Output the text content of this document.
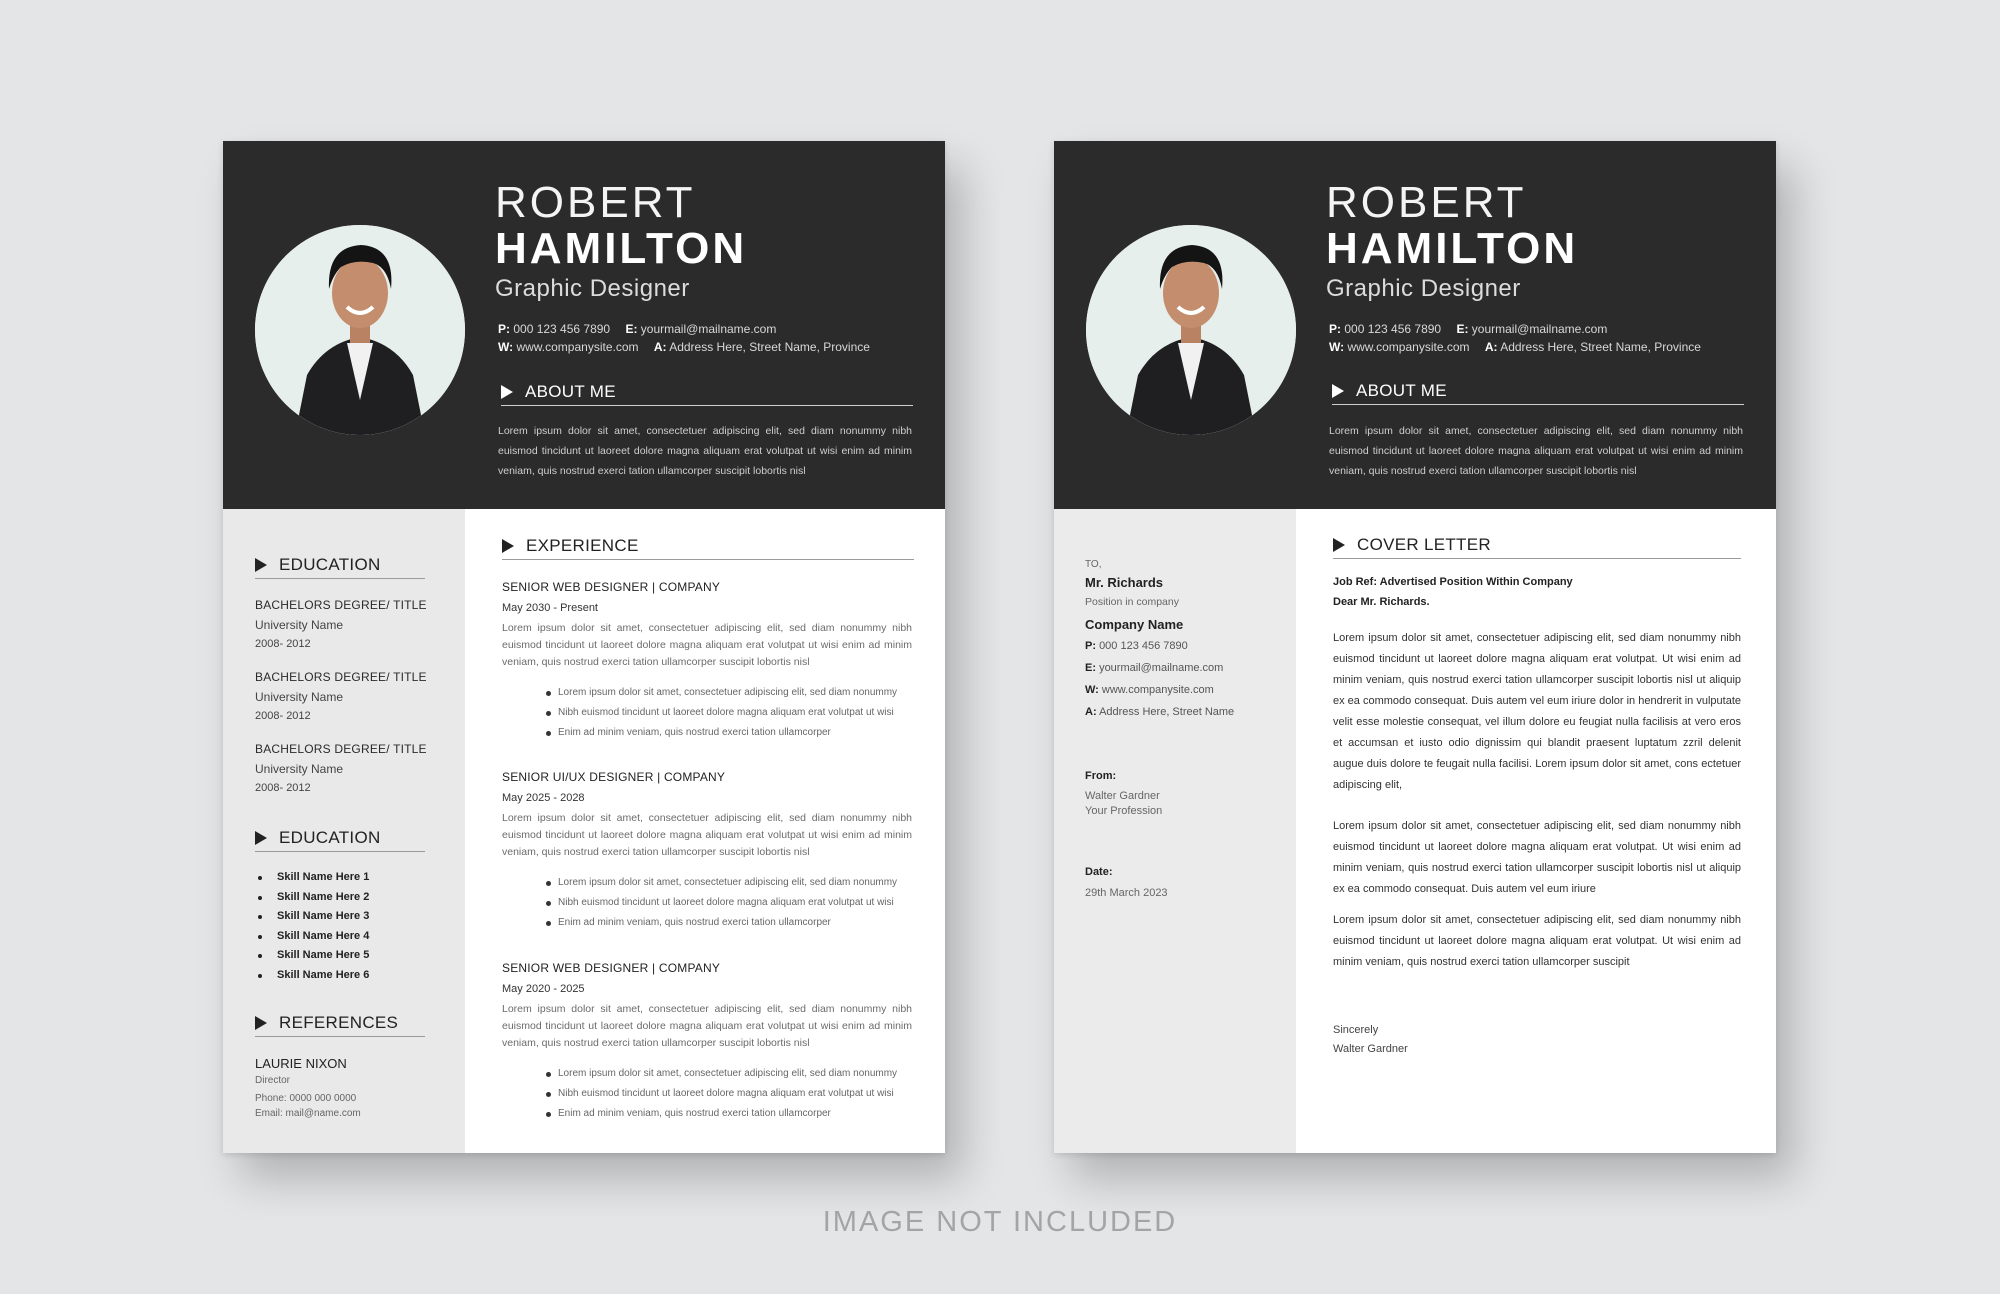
ROBERT
HAMILTON
Graphic Designer
P: 000 123 456 7890 E: yourmail@mailname.com
W: www.companysite.com A: Address Here, Street Name, Province
ABOUT ME
Lorem ipsum dolor sit amet, consectetuer adipiscing elit, sed diam nonummy nibh euismod tincidunt ut laoreet dolore magna aliquam erat volutpat ut wisi enim ad minim veniam, quis nostrud exerci tation ullamcorper suscipit lobortis nisl
EDUCATION
BACHELORS DEGREE/ TITLE
University Name
2008- 2012
BACHELORS DEGREE/ TITLE
University Name
2008- 2012
BACHELORS DEGREE/ TITLE
University Name
2008- 2012
EDUCATION
Skill Name Here 1
Skill Name Here 2
Skill Name Here 3
Skill Name Here 4
Skill Name Here 5
Skill Name Here 6
REFERENCES
LAURIE NIXON
Director
Phone: 0000 000 0000
Email: mail@name.com
EXPERIENCE
SENIOR WEB DESIGNER | COMPANY
May 2030 - Present
Lorem ipsum dolor sit amet, consectetuer adipiscing elit, sed diam nonummy nibh euismod tincidunt ut laoreet dolore magna aliquam erat volutpat ut wisi enim ad minim veniam, quis nostrud exerci tation ullamcorper suscipit lobortis nisl
Lorem ipsum dolor sit amet, consectetuer adipiscing elit, sed diam nonummy
Nibh euismod tincidunt ut laoreet dolore magna aliquam erat volutpat ut wisi
Enim ad minim veniam, quis nostrud exerci tation ullamcorper
SENIOR UI/UX DESIGNER | COMPANY
May 2025 - 2028
Lorem ipsum dolor sit amet, consectetuer adipiscing elit, sed diam nonummy nibh euismod tincidunt ut laoreet dolore magna aliquam erat volutpat ut wisi enim ad minim veniam, quis nostrud exerci tation ullamcorper suscipit lobortis nisl
Lorem ipsum dolor sit amet, consectetuer adipiscing elit, sed diam nonummy
Nibh euismod tincidunt ut laoreet dolore magna aliquam erat volutpat ut wisi
Enim ad minim veniam, quis nostrud exerci tation ullamcorper
SENIOR WEB DESIGNER | COMPANY
May 2020 - 2025
Lorem ipsum dolor sit amet, consectetuer adipiscing elit, sed diam nonummy nibh euismod tincidunt ut laoreet dolore magna aliquam erat volutpat ut wisi enim ad minim veniam, quis nostrud exerci tation ullamcorper suscipit lobortis nisl
Lorem ipsum dolor sit amet, consectetuer adipiscing elit, sed diam nonummy
Nibh euismod tincidunt ut laoreet dolore magna aliquam erat volutpat ut wisi
Enim ad minim veniam, quis nostrud exerci tation ullamcorper
ROBERT
HAMILTON
Graphic Designer
P: 000 123 456 7890 E: yourmail@mailname.com
W: www.companysite.com A: Address Here, Street Name, Province
ABOUT ME
Lorem ipsum dolor sit amet, consectetuer adipiscing elit, sed diam nonummy nibh euismod tincidunt ut laoreet dolore magna aliquam erat volutpat ut wisi enim ad minim veniam, quis nostrud exerci tation ullamcorper suscipit lobortis nisl
TO,
Mr. Richards
Position in company
Company Name
P: 000 123 456 7890
E: yourmail@mailname.com
W: www.companysite.com
A: Address Here, Street Name
From:
Walter Gardner
Your Profession
Date:
29th March 2023
COVER LETTER
Job Ref: Advertised Position Within Company
Dear Mr. Richards.
Lorem ipsum dolor sit amet, consectetuer adipiscing elit, sed diam nonummy nibh euismod tincidunt ut laoreet dolore magna aliquam erat volutpat. Ut wisi enim ad minim veniam, quis nostrud exerci tation ullamcorper suscipit lobortis nisl ut aliquip ex ea commodo consequat. Duis autem vel eum iriure dolor in hendrerit in vulputate velit esse molestie consequat, vel illum dolore eu feugiat nulla facilisis at vero eros et accumsan et iusto odio dignissim qui blandit praesent luptatum zzril delenit augue duis dolore te feugait nulla facilisi. Lorem ipsum dolor sit amet, cons ectetuer adipiscing elit,
Lorem ipsum dolor sit amet, consectetuer adipiscing elit, sed diam nonummy nibh euismod tincidunt ut laoreet dolore magna aliquam erat volutpat. Ut wisi enim ad minim veniam, quis nostrud exerci tation ullamcorper suscipit lobortis nisl ut aliquip ex ea commodo consequat. Duis autem vel eum iriure
Lorem ipsum dolor sit amet, consectetuer adipiscing elit, sed diam nonummy nibh euismod tincidunt ut laoreet dolore magna aliquam erat volutpat. Ut wisi enim ad minim veniam, quis nostrud exerci tation ullamcorper suscipit
Sincerely
Walter Gardner
IMAGE NOT INCLUDED
